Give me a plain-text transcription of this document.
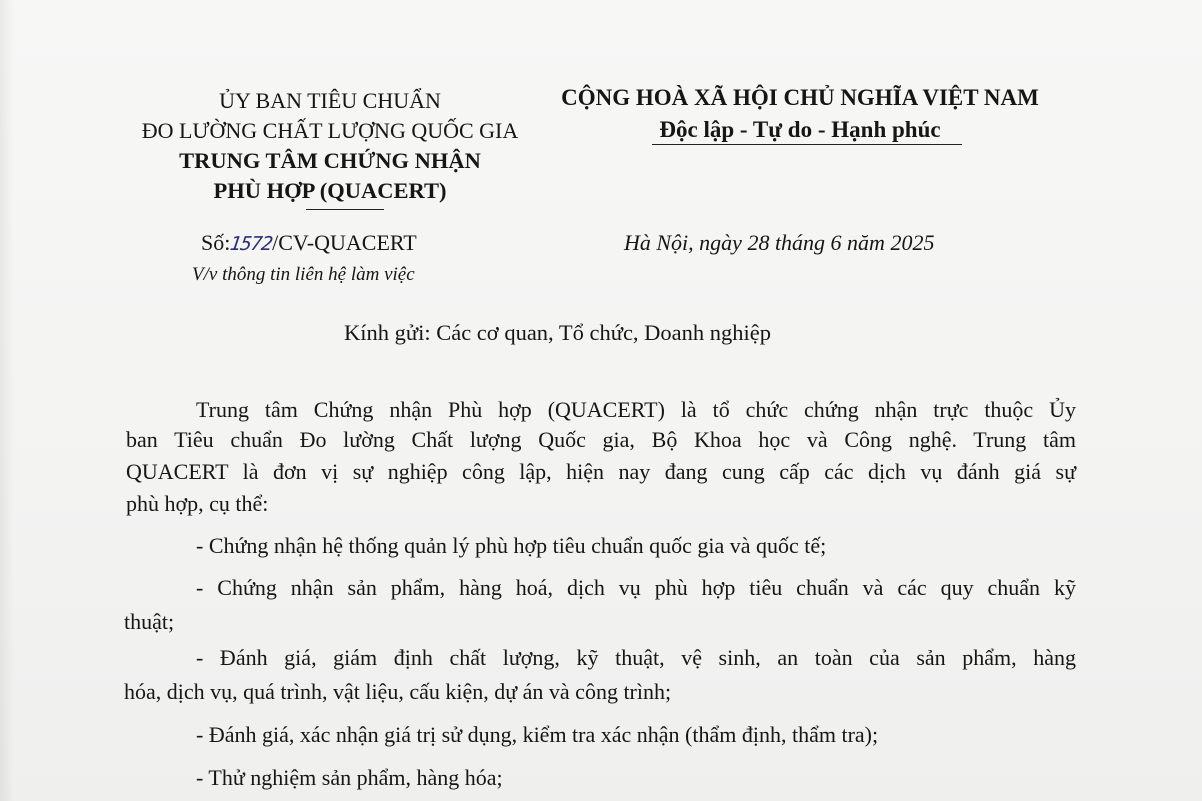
ỦY BAN TIÊU CHUẨN
ĐO LƯỜNG CHẤT LƯỢNG QUỐC GIA
TRUNG TÂM CHỨNG NHẬN
PHÙ HỢP (QUACERT)
CỘNG HOÀ XÃ HỘI CHỦ NGHĨA VIỆT NAM
Độc lập - Tự do - Hạnh phúc
Số:1572/CV-QUACERT
V/v thông tin liên hệ làm việc
Hà Nội, ngày 28 tháng 6 năm 2025
Kính gửi: Các cơ quan, Tổ chức, Doanh nghiệp
Trung tâm Chứng nhận Phù hợp (QUACERT) là tổ chức chứng nhận trực thuộc Ủy
ban Tiêu chuẩn Đo lường Chất lượng Quốc gia, Bộ Khoa học và Công nghệ. Trung tâm
QUACERT là đơn vị sự nghiệp công lập, hiện nay đang cung cấp các dịch vụ đánh giá sự
phù hợp, cụ thể:
- Chứng nhận hệ thống quản lý phù hợp tiêu chuẩn quốc gia và quốc tế;
- Chứng nhận sản phẩm, hàng hoá, dịch vụ phù hợp tiêu chuẩn và các quy chuẩn kỹ
thuật;
- Đánh giá, giám định chất lượng, kỹ thuật, vệ sinh, an toàn của sản phẩm, hàng
hóa, dịch vụ, quá trình, vật liệu, cấu kiện, dự án và công trình;
- Đánh giá, xác nhận giá trị sử dụng, kiểm tra xác nhận (thẩm định, thẩm tra);
- Thử nghiệm sản phẩm, hàng hóa;
